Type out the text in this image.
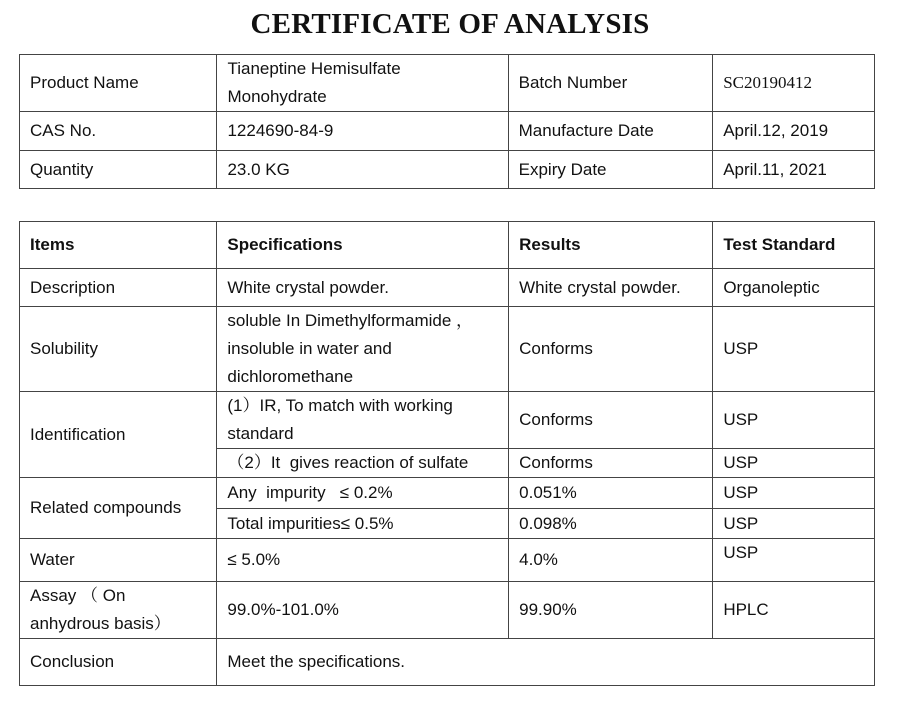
CERTIFICATE OF ANALYSIS
Product Name	Tianeptine Hemisulfate
Monohydrate	Batch Number	SC20190412
CAS No.	1224690-84-9	Manufacture Date	April.12, 2019
Quantity	23.0 KG	Expiry Date	April.11, 2021
Items	Specifications	Results	Test Standard
Description	White crystal powder.	White crystal powder.	Organoleptic
Solubility	soluble In Dimethylformamide ，
insoluble in water and
dichloromethane	Conforms	USP
Identification	(1）IR, To match with working
standard	Conforms	USP
	（2）It  gives reaction of sulfate	Conforms	USP
Related compounds	Any  impurity   ≤ 0.2%	0.051%	USP
	Total impurities≤ 0.5%	0.098%	USP
Water	≤ 5.0%	4.0%	USP
Assay （ On
anhydrous basis）	99.0%-101.0%	99.90%	HPLC
Conclusion	Meet the specifications.		
